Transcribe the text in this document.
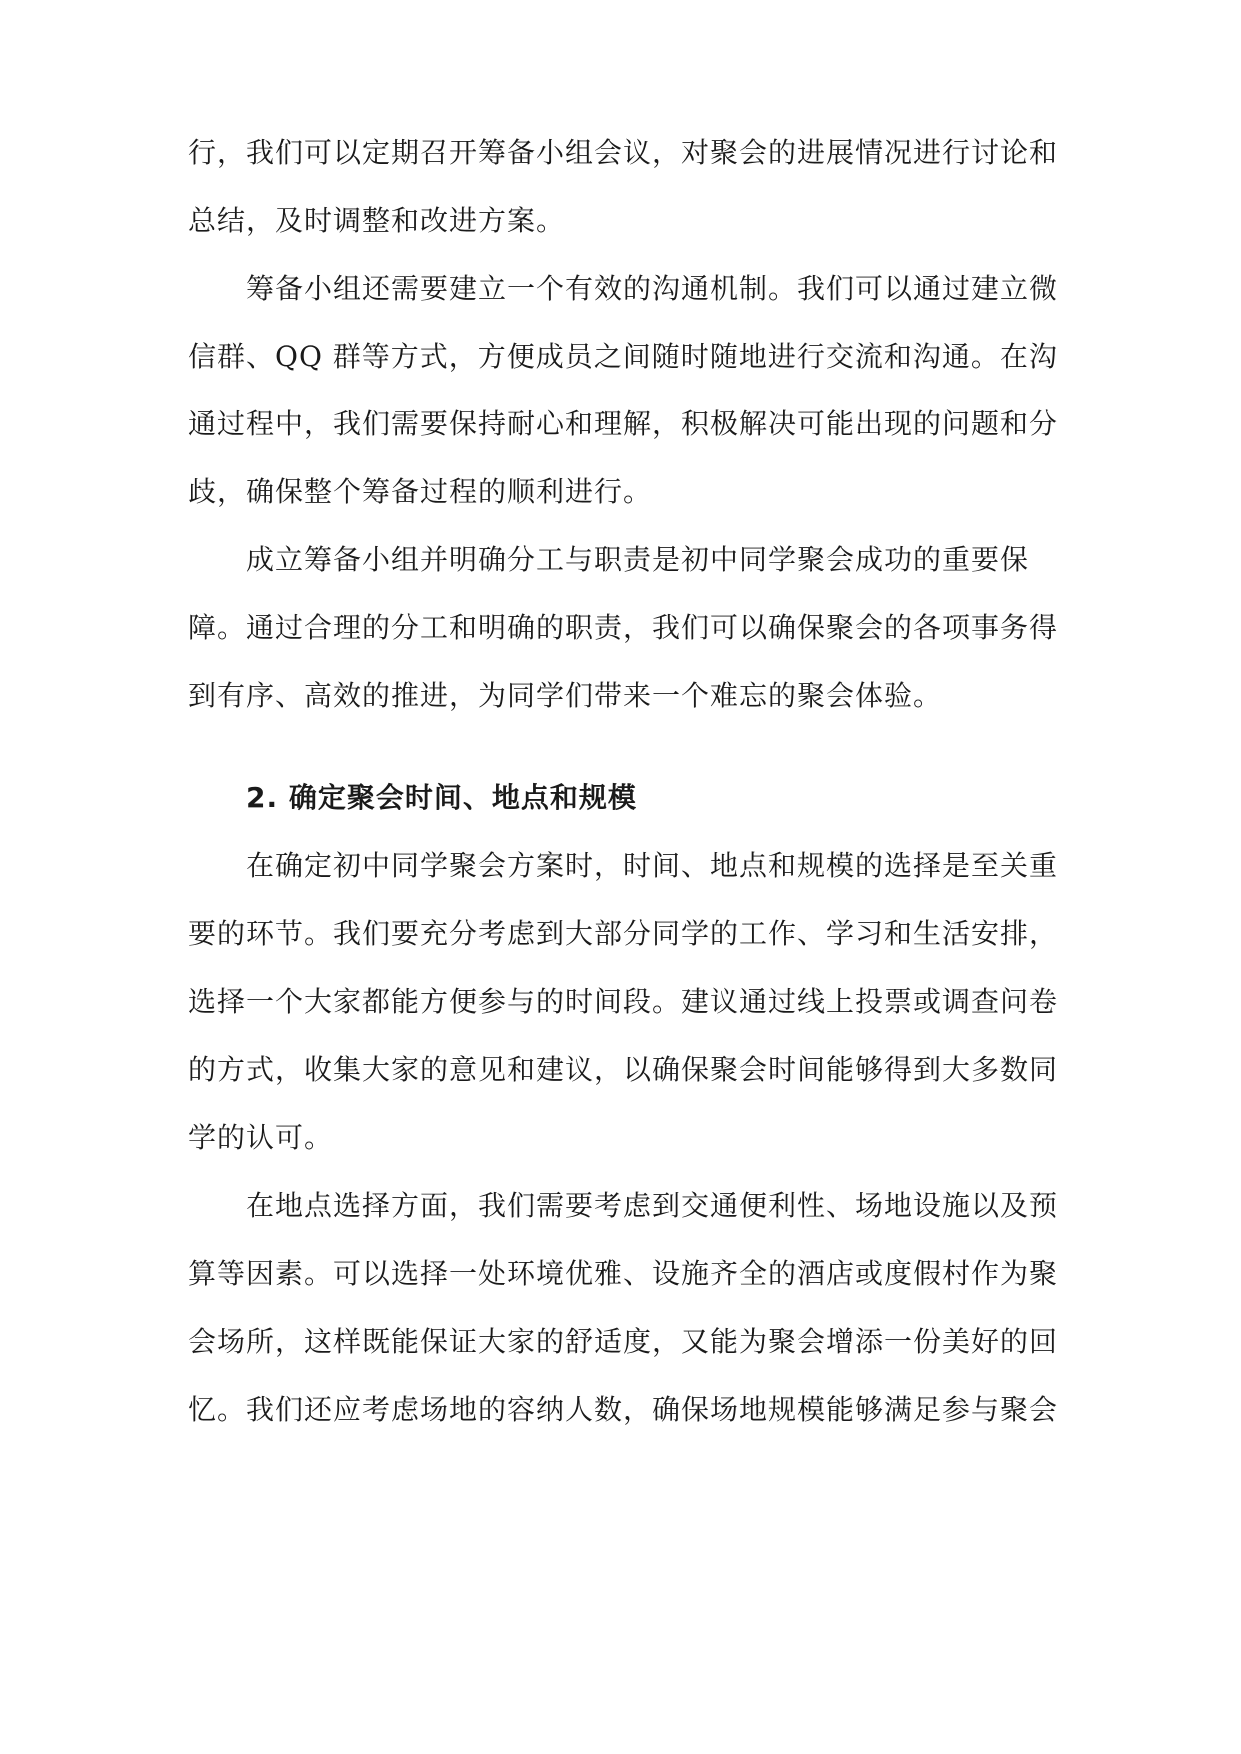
行，我们可以定期召开筹备小组会议，对聚会的进展情况进行讨论和
总结，及时调整和改进方案。
筹备小组还需要建立一个有效的沟通机制。我们可以通过建立微
信群、QQ 群等方式，方便成员之间随时随地进行交流和沟通。在沟
通过程中，我们需要保持耐心和理解，积极解决可能出现的问题和分
歧，确保整个筹备过程的顺利进行。
成立筹备小组并明确分工与职责是初中同学聚会成功的重要保
障。通过合理的分工和明确的职责，我们可以确保聚会的各项事务得
到有序、高效的推进，为同学们带来一个难忘的聚会体验。
2. 确定聚会时间、地点和规模
在确定初中同学聚会方案时，时间、地点和规模的选择是至关重
要的环节。我们要充分考虑到大部分同学的工作、学习和生活安排，
选择一个大家都能方便参与的时间段。建议通过线上投票或调查问卷
的方式，收集大家的意见和建议，以确保聚会时间能够得到大多数同
学的认可。
在地点选择方面，我们需要考虑到交通便利性、场地设施以及预
算等因素。可以选择一处环境优雅、设施齐全的酒店或度假村作为聚
会场所，这样既能保证大家的舒适度，又能为聚会增添一份美好的回
忆。我们还应考虑场地的容纳人数，确保场地规模能够满足参与聚会
